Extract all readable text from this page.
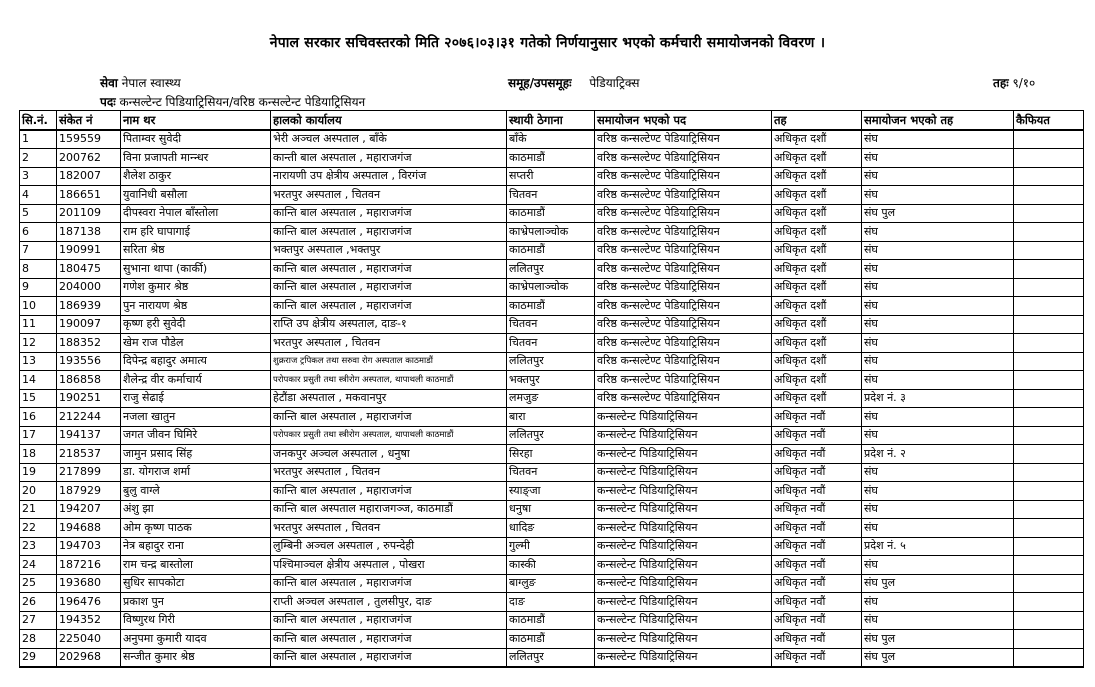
नेपाल सरकार सचिवस्तरको मिति २०७६।०३।३१ गतेको निर्णयानुसार भएको कर्मचारी समायोजनको विवरण ।
सेवा नेपाल स्वास्थ्य	समूह/उपसमूहः पेडियाट्रिक्स	तहः ९/१०
पदः कन्सल्टेन्ट पिडियाट्रिसियन/वरिष्ठ कन्सल्टेन्ट पेडियाट्रिसियन
सि.नं.	संकेत नं	नाम थर	हालको कार्यालय	स्थायी ठेगाना	समायोजन भएको पद	तह	समायोजन भएको तह	कैफियत
1	159559	पिताम्वर सुवेदी	भेरी अञ्चल अस्पताल , बाँके	बाँके	वरिष्ठ कन्सल्टेण्ट पेडियाट्रिसियन	अधिकृत दशौं	संघ	
2	200762	विना प्रजापती मान्न्धर	कान्ती बाल अस्पताल , महाराजगंज	काठमाडौं	वरिष्ठ कन्सल्टेण्ट पेडियाट्रिसियन	अधिकृत दशौं	संघ	
3	182007	शैलेश ठाकुर	नारायणी उप क्षेत्रीय अस्पताल , विरगंज	सप्तरी	वरिष्ठ कन्सल्टेण्ट पेडियाट्रिसियन	अधिकृत दशौं	संघ	
4	186651	युवानिधी बसौला	भरतपुर अस्पताल , चितवन	चितवन	वरिष्ठ कन्सल्टेण्ट पेडियाट्रिसियन	अधिकृत दशौं	संघ	
5	201109	दीपस्वरा नेपाल बाँस्तोला	कान्ति बाल अस्पताल , महाराजगंज	काठमाडौं	वरिष्ठ कन्सल्टेण्ट पेडियाट्रिसियन	अधिकृत दशौं	संघ पुल	
6	187138	राम हरि घापागाई	कान्ति बाल अस्पताल , महाराजगंज	काभ्रेपलाञ्चोक	वरिष्ठ कन्सल्टेण्ट पेडियाट्रिसियन	अधिकृत दशौं	संघ	
7	190991	सरिता श्रेष्ठ	भक्तपुर अस्पताल ,भक्तपुर	काठमाडौं	वरिष्ठ कन्सल्टेण्ट पेडियाट्रिसियन	अधिकृत दशौं	संघ	
8	180475	सुभाना थापा (कार्की)	कान्ति बाल अस्पताल , महाराजगंज	ललितपुर	वरिष्ठ कन्सल्टेण्ट पेडियाट्रिसियन	अधिकृत दशौं	संघ	
9	204000	गणेश कुमार श्रेष्ठ	कान्ति बाल अस्पताल , महाराजगंज	काभ्रेपलाञ्चोक	वरिष्ठ कन्सल्टेण्ट पेडियाट्रिसियन	अधिकृत दशौं	संघ	
10	186939	पुन नारायण श्रेष्ठ	कान्ति बाल अस्पताल , महाराजगंज	काठमाडौं	वरिष्ठ कन्सल्टेण्ट पेडियाट्रिसियन	अधिकृत दशौं	संघ	
11	190097	कृष्ण हरी सुवेदी	राप्ति उप क्षेत्रीय अस्पताल, दाङ-१	चितवन	वरिष्ठ कन्सल्टेण्ट पेडियाट्रिसियन	अधिकृत दशौं	संघ	
12	188352	खेम राज पौडेल	भरतपुर अस्पताल , चितवन	चितवन	वरिष्ठ कन्सल्टेण्ट पेडियाट्रिसियन	अधिकृत दशौं	संघ	
13	193556	दिपेन्द्र बहादुर अमात्य	शुक्रराज ट्रपिकल तथा सरुवा रोग अस्पताल काठमाडौं	ललितपुर	वरिष्ठ कन्सल्टेण्ट पेडियाट्रिसियन	अधिकृत दशौं	संघ	
14	186858	शैलेन्द्र वीर कर्माचार्य	परोपकार प्रसुती तथा स्त्रीरोग अस्पताल, थापाथली काठमाडौं	भक्तपुर	वरिष्ठ कन्सल्टेण्ट पेडियाट्रिसियन	अधिकृत दशौं	संघ	
15	190251	राजु सेढाई	हेटौंडा अस्पताल , मकवानपुर	लमजुङ	वरिष्ठ कन्सल्टेण्ट पेडियाट्रिसियन	अधिकृत दशौं	प्रदेश नं. ३	
16	212244	नजला खातुन	कान्ति बाल अस्पताल , महाराजगंज	बारा	कन्सल्टेन्ट पिडियाट्रिसियन	अधिकृत नवौं	संघ	
17	194137	जगत जीवन घिमिरे	परोपकार प्रसुती तथा स्त्रीरोग अस्पताल, थापाथली काठमाडौं	ललितपुर	कन्सल्टेन्ट पिडियाट्रिसियन	अधिकृत नवौं	संघ	
18	218537	जामुन प्रसाद सिंह	जनकपुर अञ्चल अस्पताल , धनुषा	सिरहा	कन्सल्टेन्ट पिडियाट्रिसियन	अधिकृत नवौं	प्रदेश नं. २	
19	217899	डा. योगराज शर्मा	भरतपुर अस्पताल , चितवन	चितवन	कन्सल्टेन्ट पिडियाट्रिसियन	अधिकृत नवौं	संघ	
20	187929	बुलु वाग्ले	कान्ति बाल अस्पताल , महाराजगंज	स्याङ्जा	कन्सल्टेन्ट पिडियाट्रिसियन	अधिकृत नवौं	संघ	
21	194207	अंशु झा	कान्ति बाल अस्पताल महाराजगञ्ज, काठमाडौं	धनुषा	कन्सल्टेन्ट पिडियाट्रिसियन	अधिकृत नवौं	संघ	
22	194688	ओम कृष्ण पाठक	भरतपुर अस्पताल , चितवन	धादिङ	कन्सल्टेन्ट पिडियाट्रिसियन	अधिकृत नवौं	संघ	
23	194703	नेत्र बहादुर राना	लुम्बिनी अञ्चल अस्पताल , रुपन्देही	गुल्मी	कन्सल्टेन्ट पिडियाट्रिसियन	अधिकृत नवौं	प्रदेश नं. ५	
24	187216	राम चन्द्र बास्तोला	पश्चिमाञ्चल क्षेत्रीय अस्पताल , पोखरा	कास्की	कन्सल्टेन्ट पिडियाट्रिसियन	अधिकृत नवौं	संघ	
25	193680	सुधिर सापकोटा	कान्ति बाल अस्पताल , महाराजगंज	बाग्लुङ	कन्सल्टेन्ट पिडियाट्रिसियन	अधिकृत नवौं	संघ पुल	
26	196476	प्रकाश पुन	राप्ती अञ्चल अस्पताल , तुलसीपुर, दाङ	दाङ	कन्सल्टेन्ट पिडियाट्रिसियन	अधिकृत नवौं	संघ	
27	194352	विष्णुरथ गिरी	कान्ति बाल अस्पताल , महाराजगंज	काठमाडौं	कन्सल्टेन्ट पिडियाट्रिसियन	अधिकृत नवौं	संघ	
28	225040	अनुपमा कुमारी यादव	कान्ति बाल अस्पताल , महाराजगंज	काठमाडौं	कन्सल्टेन्ट पिडियाट्रिसियन	अधिकृत नवौं	संघ पुल	
29	202968	सन्जीत कुमार श्रेष्ठ	कान्ति बाल अस्पताल , महाराजगंज	ललितपुर	कन्सल्टेन्ट पिडियाट्रिसियन	अधिकृत नवौं	संघ पुल	
